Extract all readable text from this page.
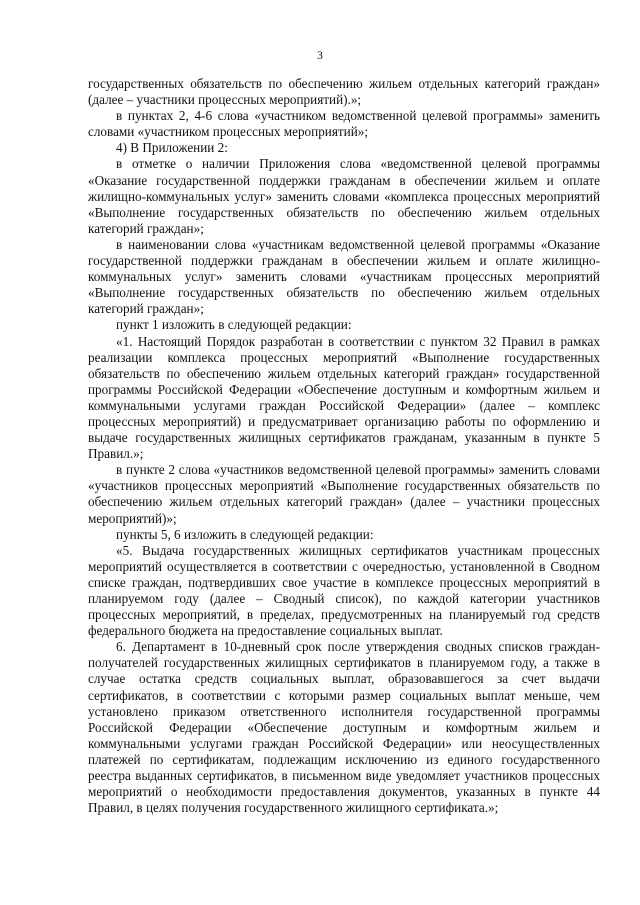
3

государственных обязательств по обеспечению жильем отдельных категорий граждан» (далее – участники процессных мероприятий).»;

в пунктах 2, 4-6 слова «участником ведомственной целевой программы» заменить словами «участником процессных мероприятий»;

4) В Приложении 2:

в отметке о наличии Приложения слова «ведомственной целевой программы «Оказание государственной поддержки гражданам в обеспечении жильем и оплате жилищно-коммунальных услуг» заменить словами «комплекса процессных мероприятий «Выполнение государственных обязательств по обеспечению жильем отдельных категорий граждан»;

в наименовании слова «участникам ведомственной целевой программы «Оказание государственной поддержки гражданам в обеспечении жильем и оплате жилищно-коммунальных услуг» заменить словами «участникам процессных мероприятий «Выполнение государственных обязательств по обеспечению жильем отдельных категорий граждан»;

пункт 1 изложить в следующей редакции:

«1. Настоящий Порядок разработан в соответствии с пунктом 32 Правил в рамках реализации комплекса процессных мероприятий «Выполнение государственных обязательств по обеспечению жильем отдельных категорий граждан» государственной программы Российской Федерации «Обеспечение доступным и комфортным жильем и коммунальными услугами граждан Российской Федерации» (далее – комплекс процессных мероприятий) и предусматривает организацию работы по оформлению и выдаче государственных жилищных сертификатов гражданам, указанным в пункте 5 Правил.»;

в пункте 2 слова «участников ведомственной целевой программы» заменить словами «участников процессных мероприятий «Выполнение государственных обязательств по обеспечению жильем отдельных категорий граждан» (далее – участники процессных мероприятий)»;

пункты 5, 6 изложить в следующей редакции:

«5. Выдача государственных жилищных сертификатов участникам процессных мероприятий осуществляется в соответствии с очередностью, установленной в Сводном списке граждан, подтвердивших свое участие в комплексе процессных мероприятий в планируемом году (далее – Сводный список), по каждой категории участников процессных мероприятий, в пределах, предусмотренных на планируемый год средств федерального бюджета на предоставление социальных выплат.

6. Департамент в 10-дневный срок после утверждения сводных списков граждан-получателей государственных жилищных сертификатов в планируемом году, а также в случае остатка средств социальных выплат, образовавшегося за счет выдачи сертификатов, в соответствии с которыми размер социальных выплат меньше, чем установлено приказом ответственного исполнителя государственной программы Российской Федерации «Обеспечение доступным и комфортным жильем и коммунальными услугами граждан Российской Федерации» или неосуществленных платежей по сертификатам, подлежащим исключению из единого государственного реестра выданных сертификатов, в письменном виде уведомляет участников процессных мероприятий о необходимости предоставления документов, указанных в пункте 44 Правил, в целях получения государственного жилищного сертификата.»;
